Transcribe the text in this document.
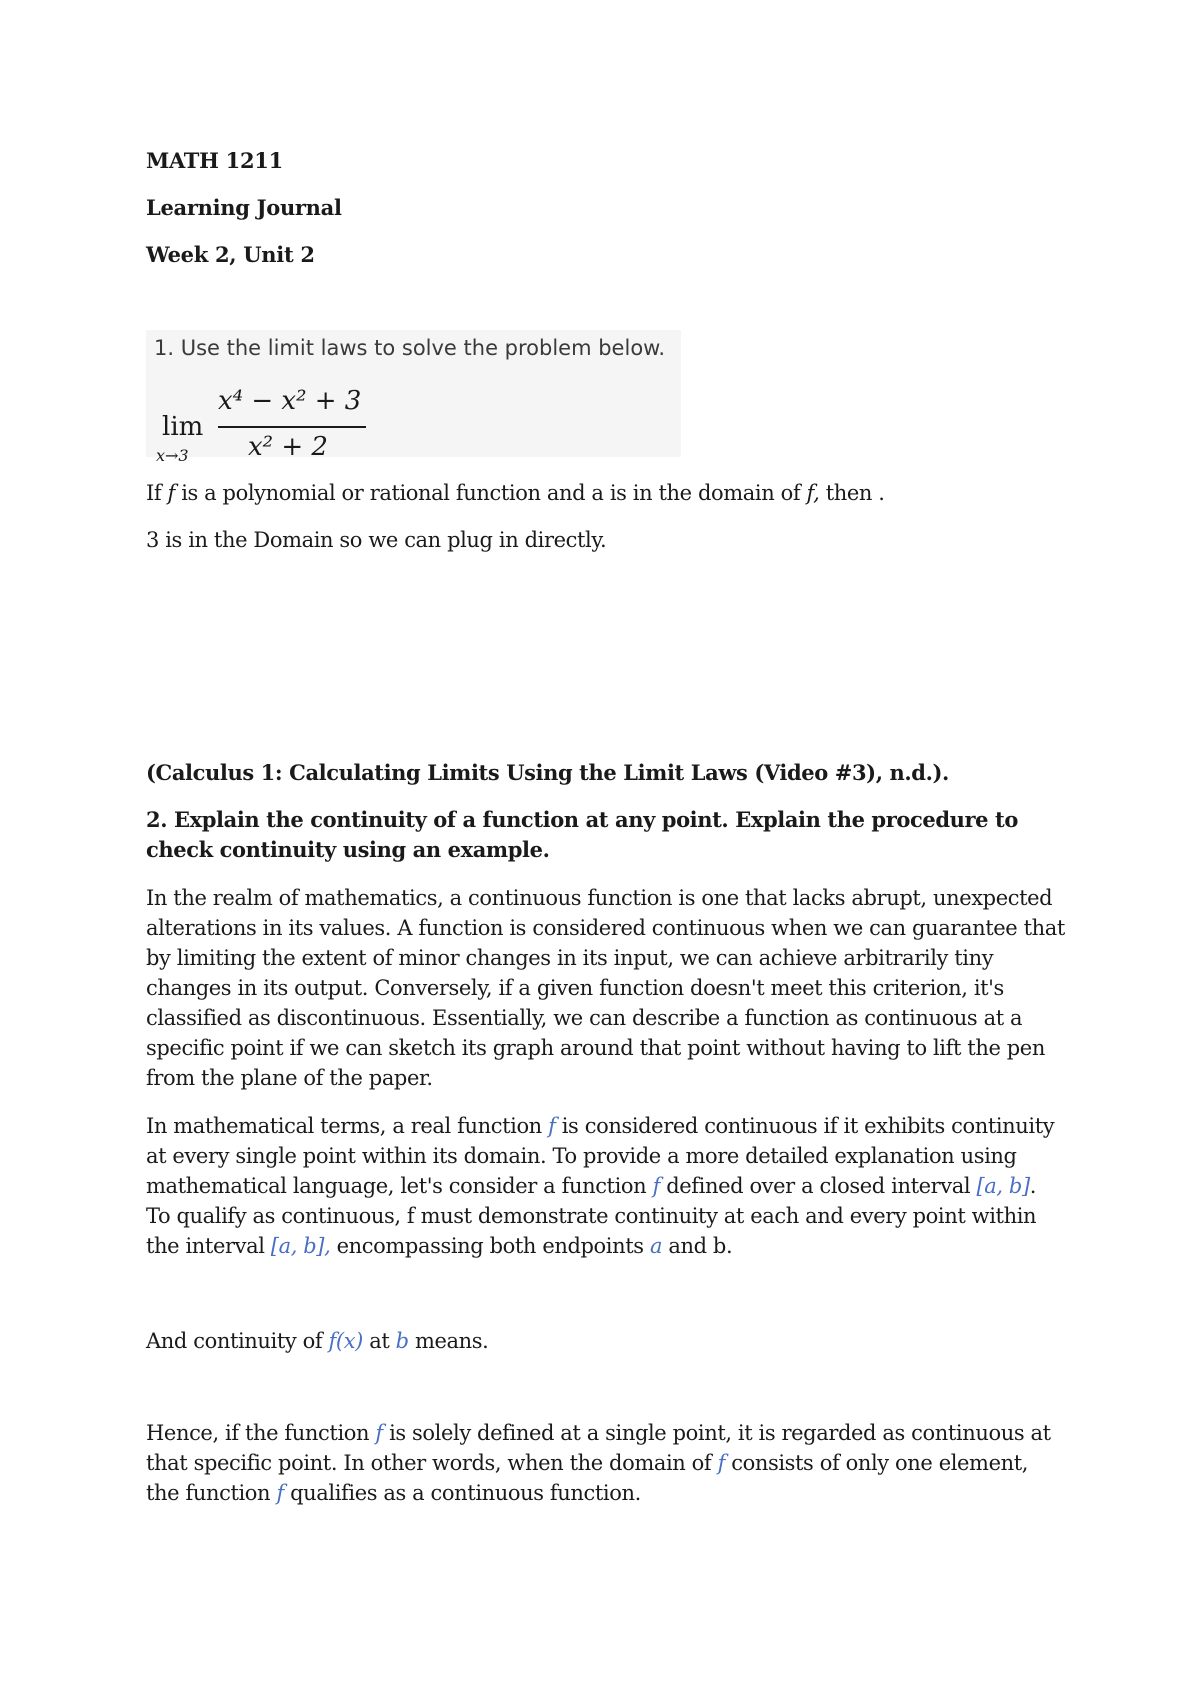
MATH 1211
Learning Journal
Week 2, Unit 2
1. Use the limit laws to solve the problem below.
lim
x→3
x⁴ − x² + 3
x² + 2
If f is a polynomial or rational function and a is in the domain of f, then .
3 is in the Domain so we can plug in directly.
(Calculus 1: Calculating Limits Using the Limit Laws (Video #3), n.d.).
2. Explain the continuity of a function at any point. Explain the procedure to check continuity using an example.
In the realm of mathematics, a continuous function is one that lacks abrupt, unexpected alterations in its values. A function is considered continuous when we can guarantee that by limiting the extent of minor changes in its input, we can achieve arbitrarily tiny changes in its output. Conversely, if a given function doesn't meet this criterion, it's classified as discontinuous. Essentially, we can describe a function as continuous at a specific point if we can sketch its graph around that point without having to lift the pen from the plane of the paper.
In mathematical terms, a real function f is considered continuous if it exhibits continuity at every single point within its domain. To provide a more detailed explanation using mathematical language, let's consider a function f defined over a closed interval [a, b]. To qualify as continuous, f must demonstrate continuity at each and every point within the interval [a, b], encompassing both endpoints a and b.
And continuity of f(x) at b means.
Hence, if the function f is solely defined at a single point, it is regarded as continuous at that specific point. In other words, when the domain of f consists of only one element, the function f qualifies as a continuous function.
